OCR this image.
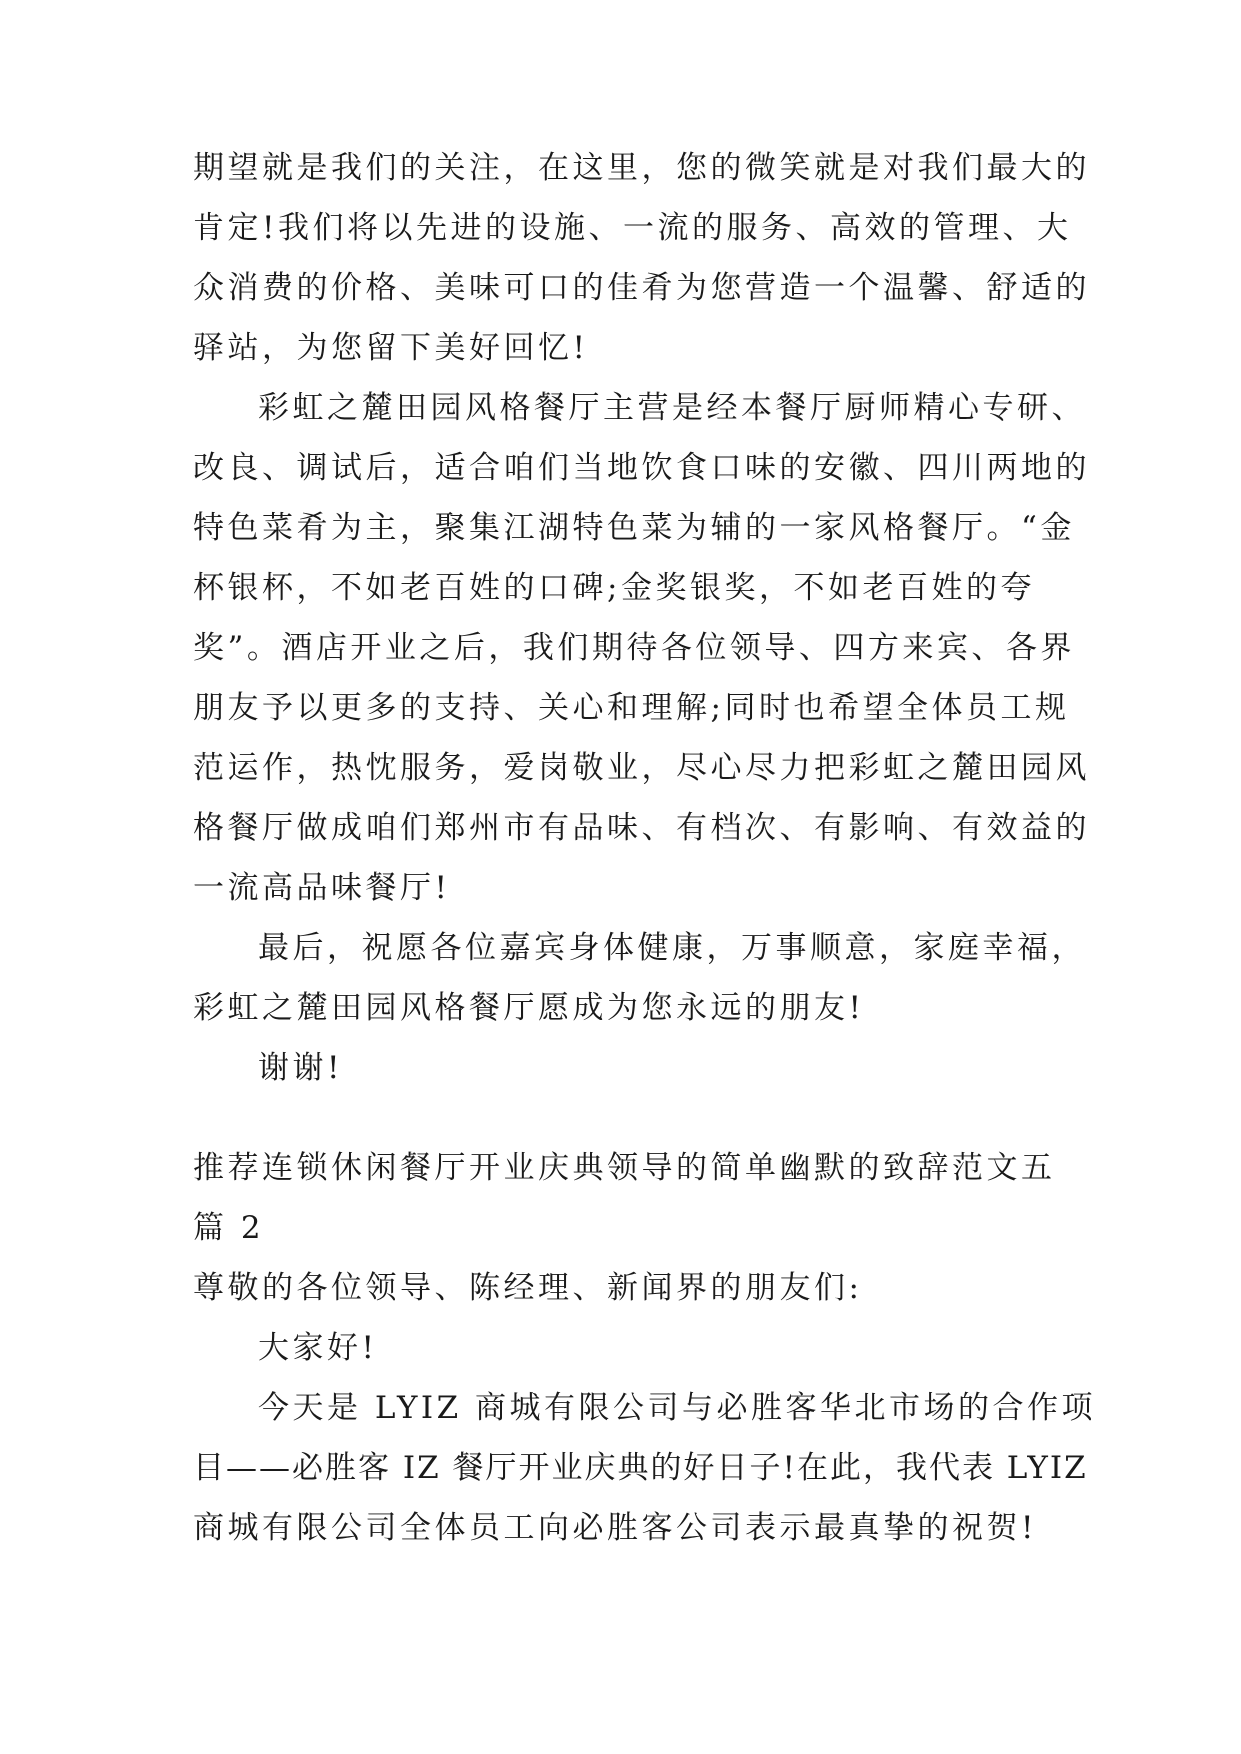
期望就是我们的关注，在这里，您的微笑就是对我们最大的
肯定!我们将以先进的设施、一流的服务、高效的管理、大
众消费的价格、美味可口的佳肴为您营造一个温馨、舒适的
驿站，为您留下美好回忆!
彩虹之麓田园风格餐厅主营是经本餐厅厨师精心专研、
改良、调试后，适合咱们当地饮食口味的安徽、四川两地的
特色菜肴为主，聚集江湖特色菜为辅的一家风格餐厅。“金
杯银杯，不如老百姓的口碑;金奖银奖，不如老百姓的夸
奖”。酒店开业之后，我们期待各位领导、四方来宾、各界
朋友予以更多的支持、关心和理解;同时也希望全体员工规
范运作，热忱服务，爱岗敬业，尽心尽力把彩虹之麓田园风
格餐厅做成咱们郑州市有品味、有档次、有影响、有效益的
一流高品味餐厅!
最后，祝愿各位嘉宾身体健康，万事顺意，家庭幸福，
彩虹之麓田园风格餐厅愿成为您永远的朋友!
谢谢!
推荐连锁休闲餐厅开业庆典领导的简单幽默的致辞范文五
篇 2
尊敬的各位领导、陈经理、新闻界的朋友们:
大家好!
今天是 LYIZ 商城有限公司与必胜客华北市场的合作项
目——必胜客 IZ 餐厅开业庆典的好日子!在此，我代表 LYIZ
商城有限公司全体员工向必胜客公司表示最真挚的祝贺!
